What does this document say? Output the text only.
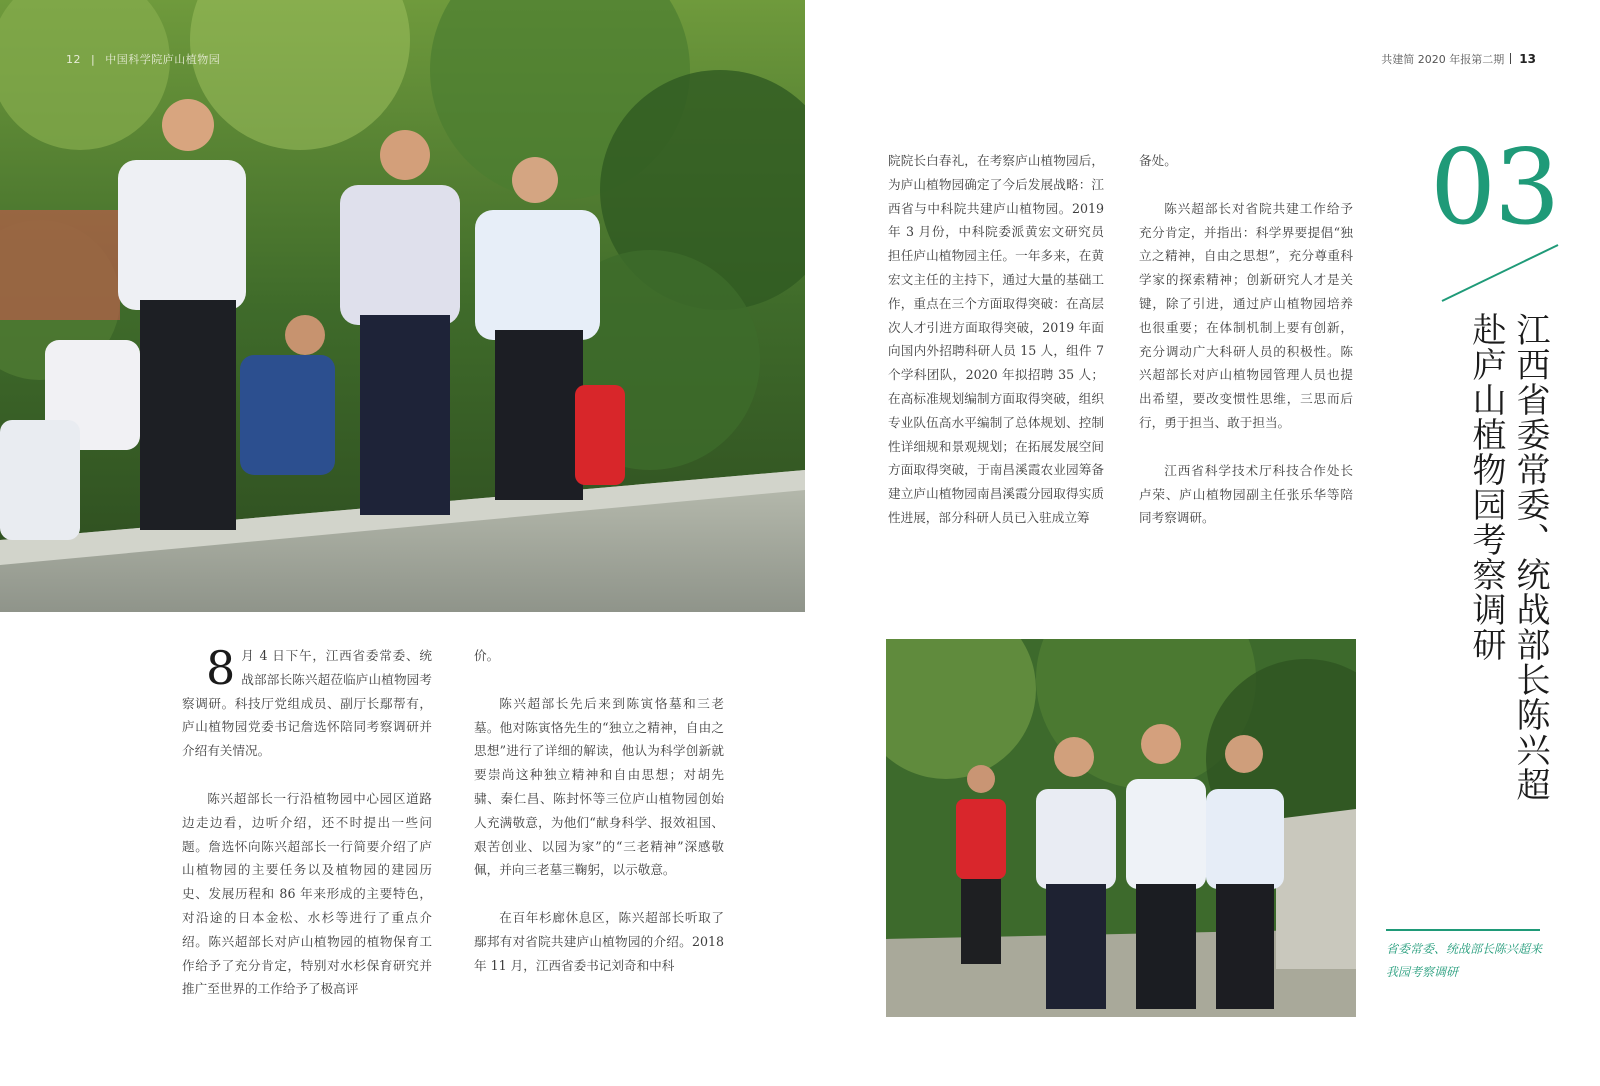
12 | 中国科学院庐山植物园	共建简 2020 年报第二期 13
03
江西省委常委、统战部长陈兴超
赴庐山植物园考察调研

8 月 4 日下午，江西省委常委、统战部部长陈兴超莅临庐山植物园考察调研。科技厅党组成员、副厅长鄢帮有，庐山植物园党委书记詹选怀陪同考察调研并介绍有关情况。

陈兴超部长一行沿植物园中心园区道路边走边看，边听介绍，还不时提出一些问题。詹选怀向陈兴超部长一行简要介绍了庐山植物园的主要任务以及植物园的建园历史、发展历程和 86 年来形成的主要特色，对沿途的日本金松、水杉等进行了重点介绍。陈兴超部长对庐山植物园的植物保育工作给予了充分肯定，特别对水杉保育研究并推广至世界的工作给予了极高评

价。

陈兴超部长先后来到陈寅恪墓和三老墓。他对陈寅恪先生的“独立之精神，自由之思想”进行了详细的解读，他认为科学创新就要崇尚这种独立精神和自由思想；对胡先骕、秦仁昌、陈封怀等三位庐山植物园创始人充满敬意，为他们“献身科学、报效祖国、艰苦创业、以园为家”的“三老精神”深感敬佩，并向三老墓三鞠躬，以示敬意。

在百年杉廊休息区，陈兴超部长听取了鄢邦有对省院共建庐山植物园的介绍。2018 年 11 月，江西省委书记刘奇和中科

院院长白春礼，在考察庐山植物园后，为庐山植物园确定了今后发展战略：江西省与中科院共建庐山植物园。2019 年 3 月份，中科院委派黄宏文研究员担任庐山植物园主任。一年多来，在黄宏文主任的主持下，通过大量的基础工作，重点在三个方面取得突破：在高层次人才引进方面取得突破，2019 年面向国内外招聘科研人员 15 人，组件 7 个学科团队，2020 年拟招聘 35 人；在高标准规划编制方面取得突破，组织专业队伍高水平编制了总体规划、控制性详细规和景观规划；在拓展发展空间方面取得突破，于南昌溪霞农业园筹备建立庐山植物园南昌溪霞分园取得实质性进展，部分科研人员已入驻成立筹

备处。

陈兴超部长对省院共建工作给予充分肯定，并指出：科学界要提倡“独立之精神，自由之思想”，充分尊重科学家的探索精神；创新研究人才是关键，除了引进，通过庐山植物园培养也很重要；在体制机制上要有创新，充分调动广大科研人员的积极性。陈兴超部长对庐山植物园管理人员也提出希望，要改变惯性思维，三思而后行，勇于担当、敢于担当。

江西省科学技术厅科技合作处长卢荣、庐山植物园副主任张乐华等陪同考察调研。

省委常委、统战部长陈兴超来我园考察调研
